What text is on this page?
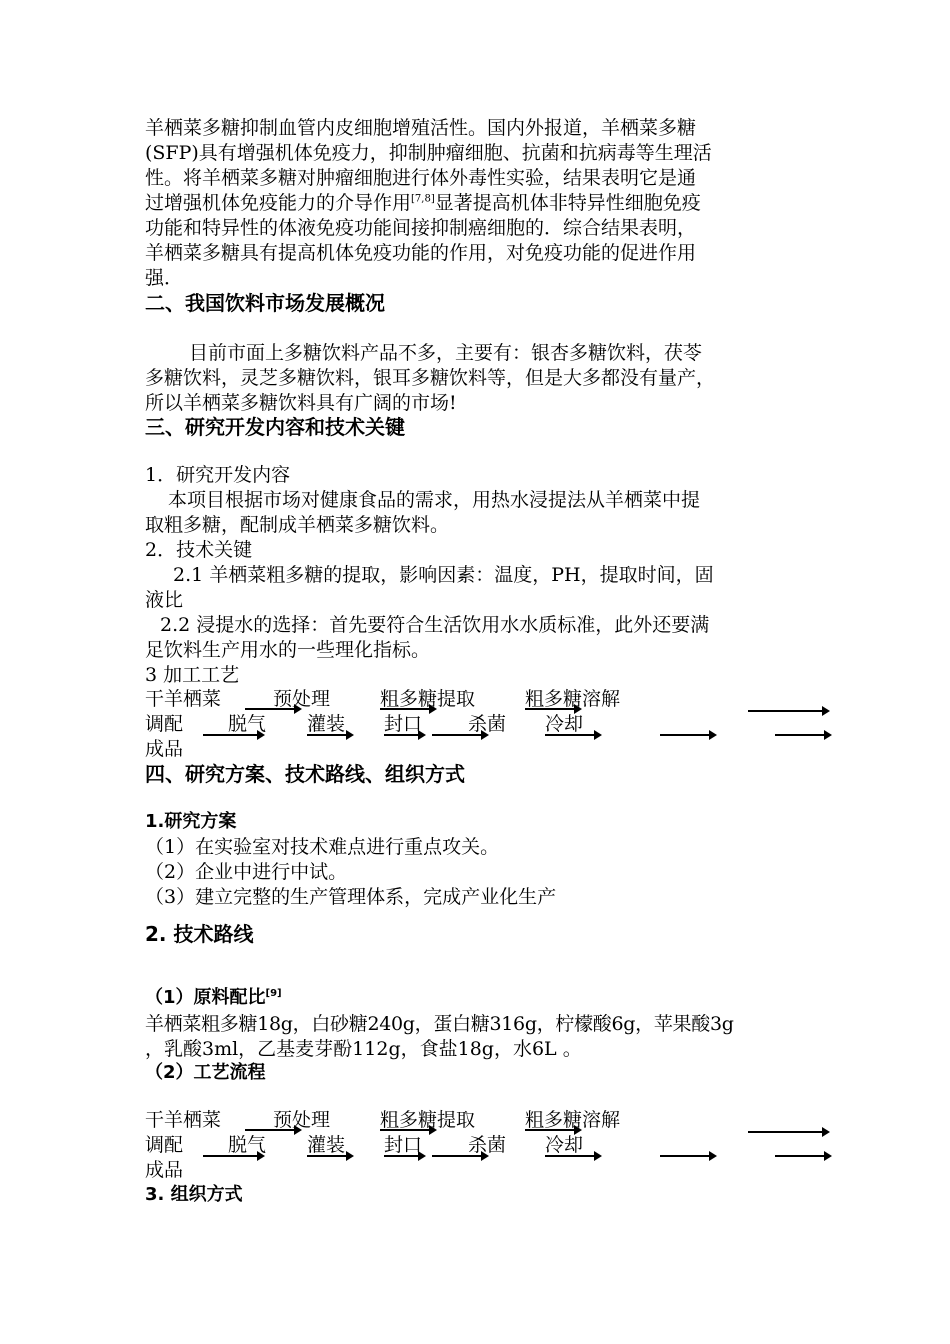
羊栖菜多糖抑制血管内皮细胞增殖活性。国内外报道，羊栖菜多糖
(SFP)具有增强机体免疫力，抑制肿瘤细胞、抗菌和抗病毒等生理活
性。将羊栖菜多糖对肿瘤细胞进行体外毒性实验，结果表明它是通
过增强机体免疫能力的介导作用[7,8]显著提高机体非特异性细胞免疫
功能和特异性的体液免疫功能间接抑制癌细胞的．综合结果表明，
羊栖菜多糖具有提高机体免疫功能的作用，对免疫功能的促进作用
强．
二、我国饮料市场发展概况
目前市面上多糖饮料产品不多，主要有：银杏多糖饮料，茯苓
多糖饮料，灵芝多糖饮料，银耳多糖饮料等，但是大多都没有量产，
所以羊栖菜多糖饮料具有广阔的市场!
三、研究开发内容和技术关键
1．研究开发内容
本项目根据市场对健康食品的需求，用热水浸提法从羊栖菜中提
取粗多糖，配制成羊栖菜多糖饮料。
2．技术关键
2.1 羊栖菜粗多糖的提取，影响因素：温度，PH，提取时间，固
液比
2.2 浸提水的选择：首先要符合生活饮用水水质标准，此外还要满
足饮料生产用水的一些理化指标。
3 加工工艺
干羊栖菜	预处理	粗多糖提取	粗多糖溶解
调配 脱气 灌装 封口 杀菌 冷却
成品
四、研究方案、技术路线、组织方式
1.研究方案
（1）在实验室对技术难点进行重点攻关。
（2）企业中进行中试。
（3）建立完整的生产管理体系，完成产业化生产
2. 技术路线
（1）原料配比[9]
羊栖菜粗多糖18g，白砂糖240g，蛋白糖316g，柠檬酸6g，苹果酸3g
，乳酸3ml，乙基麦芽酚112g，食盐18g，水6L 。
（2）工艺流程
干羊栖菜	预处理	粗多糖提取	粗多糖溶解
调配 脱气 灌装 封口 杀菌 冷却
成品
3. 组织方式
